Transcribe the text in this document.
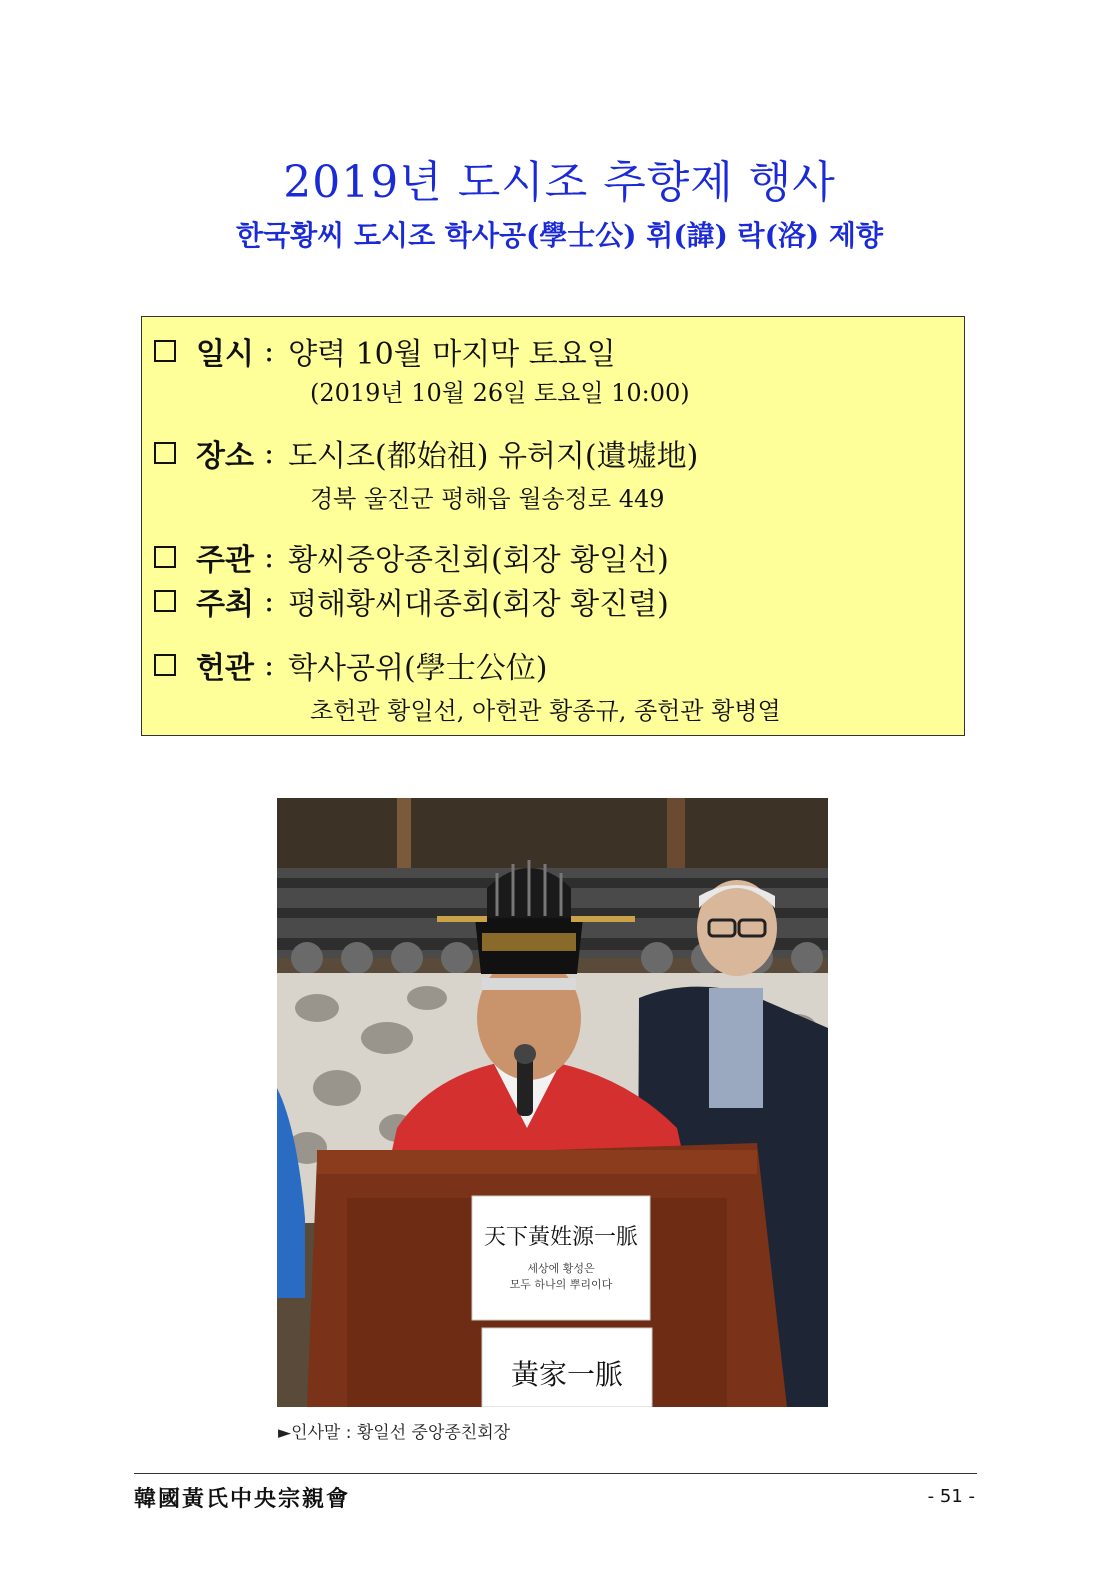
2019년 도시조 추향제 행사
한국황씨 도시조 학사공(學士公) 휘(諱) 락(洛) 제향
일시 : 양력 10월 마지막 토요일
(2019년 10월 26일 토요일 10:00)
장소 : 도시조(都始祖) 유허지(遺墟地)
경북 울진군 평해읍 월송정로 449
주관 : 황씨중앙종친회(회장 황일선)
주최 : 평해황씨대종회(회장 황진렬)
헌관 : 학사공위(學士公位)
초헌관 황일선, 아헌관 황종규, 종헌관 황병열
天下黃姓源一脈
세상에 황성은
모두 하나의 뿌리이다
黃家一脈
►인사말 : 황일선 중앙종친회장
韓國黃氏中央宗親會	- 51 -
